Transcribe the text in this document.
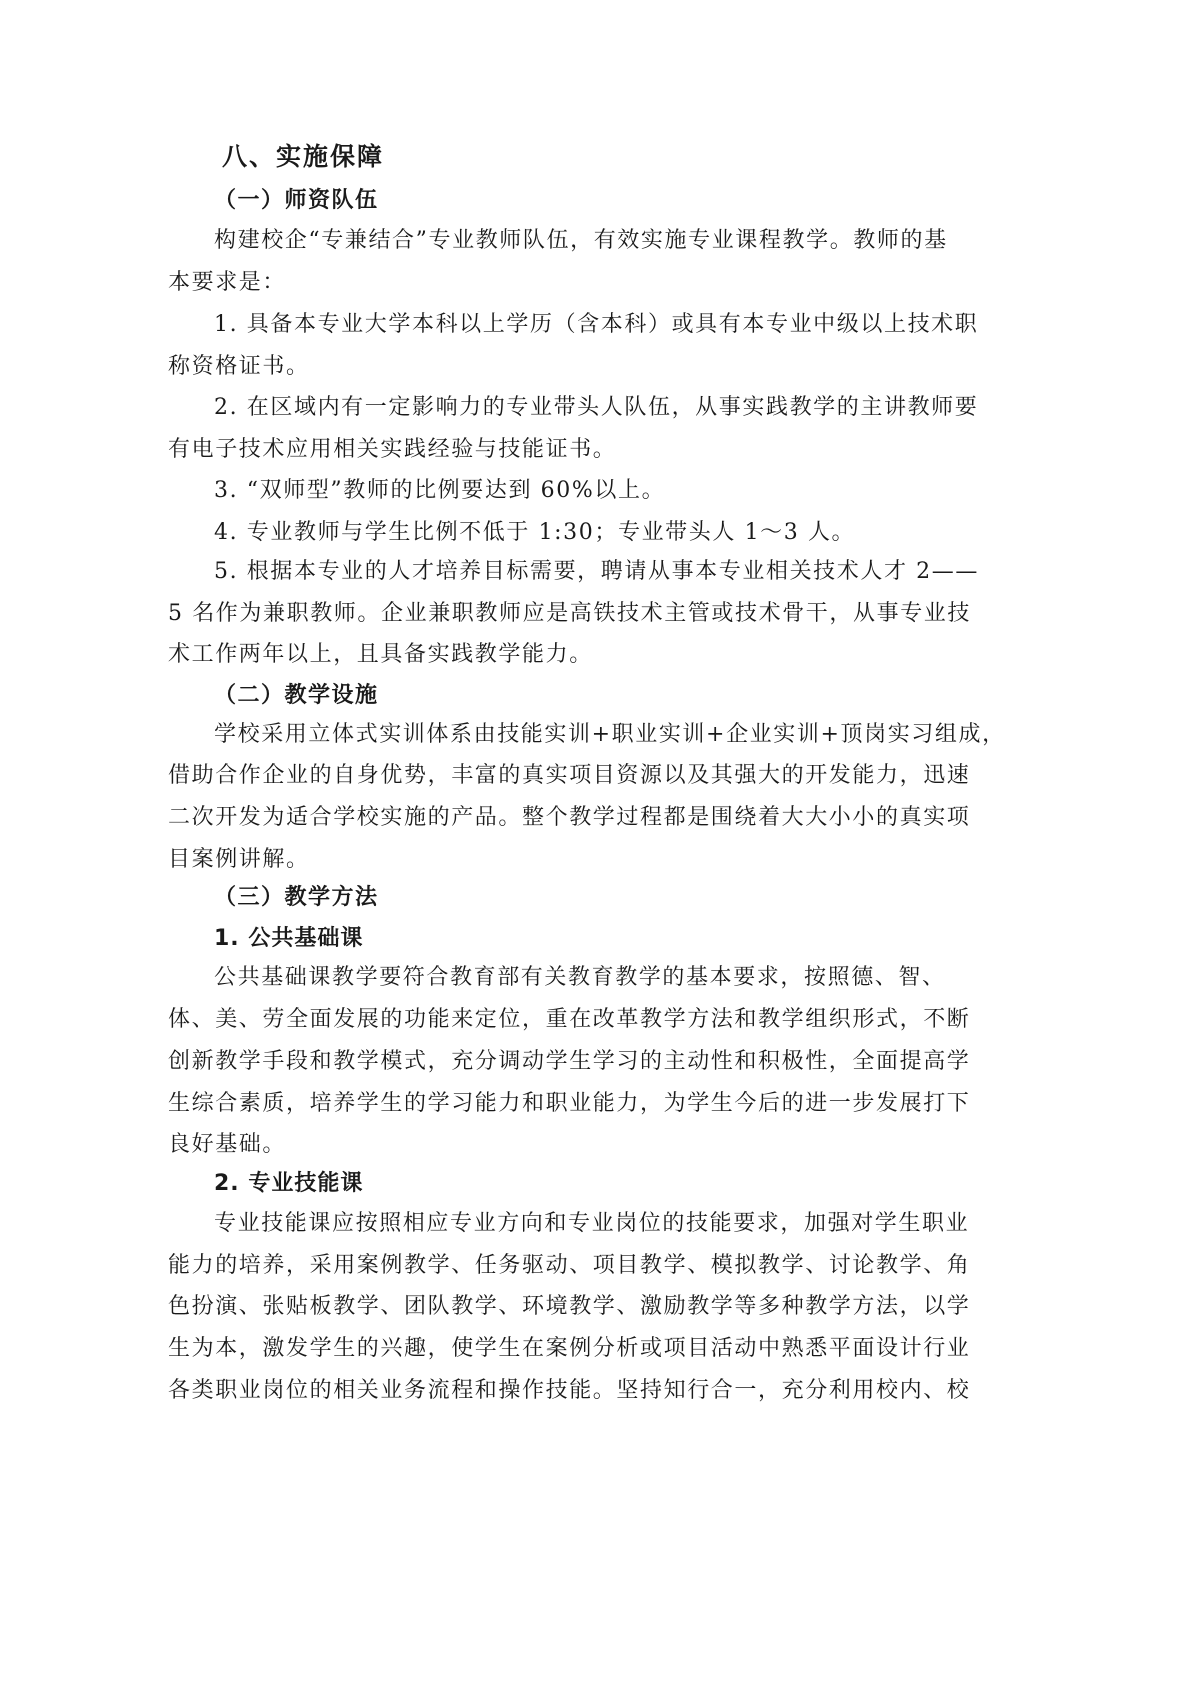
八、实施保障
（一）师资队伍
构建校企“专兼结合”专业教师队伍，有效实施专业课程教学。教师的基
本要求是：
1. 具备本专业大学本科以上学历（含本科）或具有本专业中级以上技术职
称资格证书。
2. 在区域内有一定影响力的专业带头人队伍，从事实践教学的主讲教师要
有电子技术应用相关实践经验与技能证书。
3. “双师型”教师的比例要达到 60%以上。
4. 专业教师与学生比例不低于 1:30；专业带头人 1～3 人。
5. 根据本专业的人才培养目标需要，聘请从事本专业相关技术人才 2——
5 名作为兼职教师。企业兼职教师应是高铁技术主管或技术骨干，从事专业技
术工作两年以上，且具备实践教学能力。
（二）教学设施
学校采用立体式实训体系由技能实训+职业实训+企业实训+顶岗实习组成，
借助合作企业的自身优势，丰富的真实项目资源以及其强大的开发能力，迅速
二次开发为适合学校实施的产品。整个教学过程都是围绕着大大小小的真实项
目案例讲解。
（三）教学方法
1. 公共基础课
公共基础课教学要符合教育部有关教育教学的基本要求，按照德、智、
体、美、劳全面发展的功能来定位，重在改革教学方法和教学组织形式，不断
创新教学手段和教学模式，充分调动学生学习的主动性和积极性，全面提高学
生综合素质，培养学生的学习能力和职业能力，为学生今后的进一步发展打下
良好基础。
2. 专业技能课
专业技能课应按照相应专业方向和专业岗位的技能要求，加强对学生职业
能力的培养，采用案例教学、任务驱动、项目教学、模拟教学、讨论教学、角
色扮演、张贴板教学、团队教学、环境教学、激励教学等多种教学方法，以学
生为本，激发学生的兴趣，使学生在案例分析或项目活动中熟悉平面设计行业
各类职业岗位的相关业务流程和操作技能。坚持知行合一，充分利用校内、校
